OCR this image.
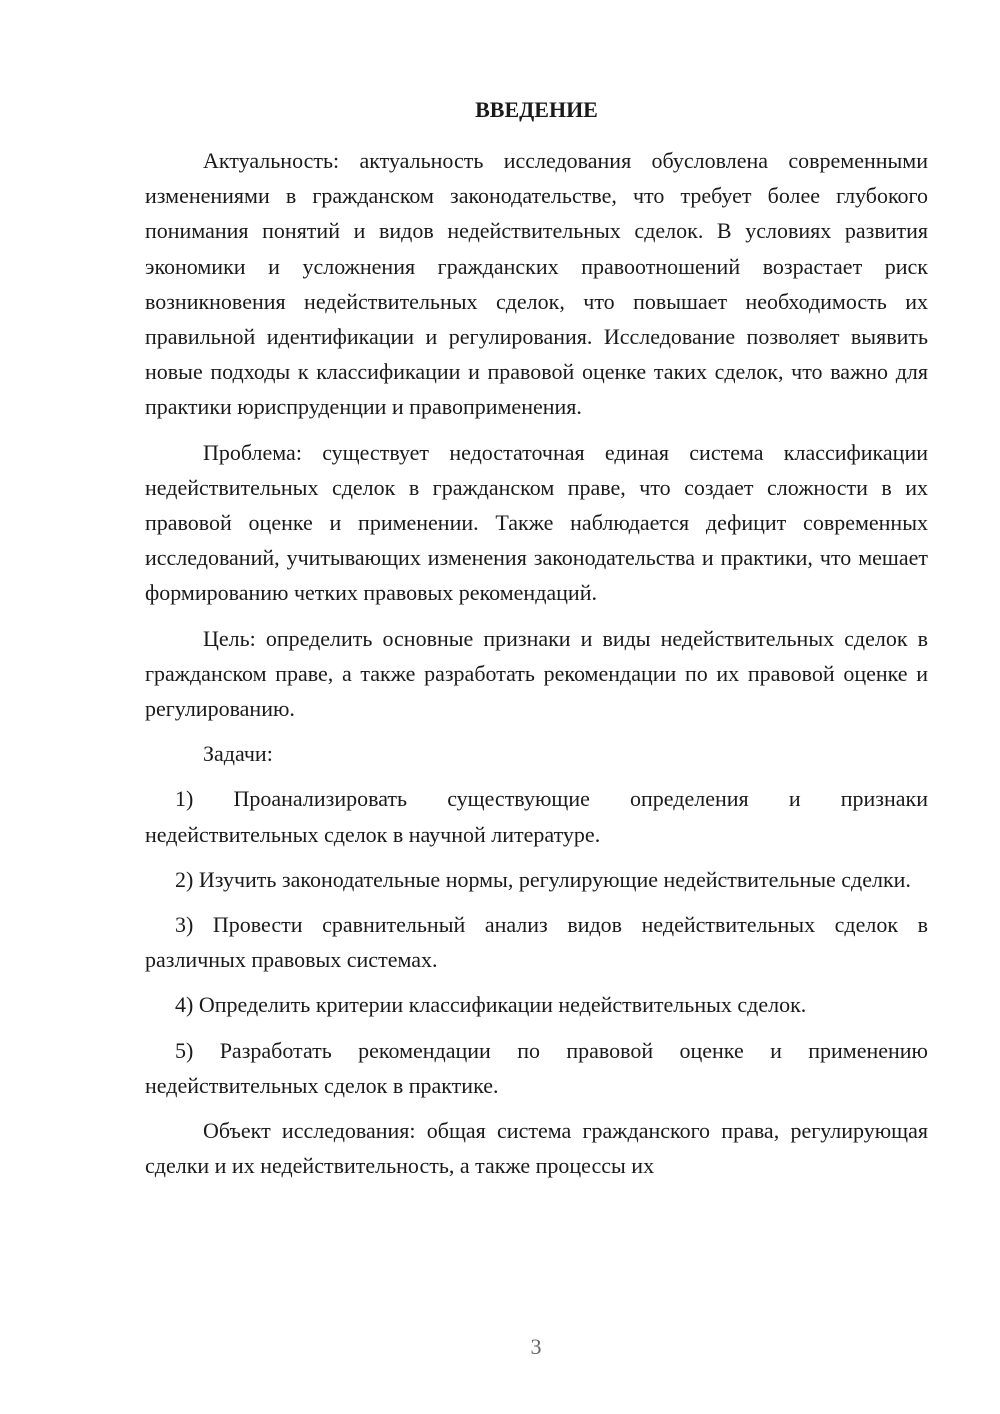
ВВЕДЕНИЕ

Актуальность: актуальность исследования обусловлена современными изменениями в гражданском законодательстве, что требует более глубокого понимания понятий и видов недействительных сделок. В условиях развития экономики и усложнения гражданских правоотношений возрастает риск возникновения недействительных сделок, что повышает необходимость их правильной идентификации и регулирования. Исследование позволяет выявить новые подходы к классификации и правовой оценке таких сделок, что важно для практики юриспруденции и правоприменения.

Проблема: существует недостаточная единая система классификации недействительных сделок в гражданском праве, что создает сложности в их правовой оценке и применении. Также наблюдается дефицит современных исследований, учитывающих изменения законодательства и практики, что мешает формированию четких правовых рекомендаций.

Цель: определить основные признаки и виды недействительных сделок в гражданском праве, а также разработать рекомендации по их правовой оценке и регулированию.

Задачи:

1) Проанализировать существующие определения и признаки недействительных сделок в научной литературе.

2) Изучить законодательные нормы, регулирующие недействительные сделки.

3) Провести сравнительный анализ видов недействительных сделок в различных правовых системах.

4) Определить критерии классификации недействительных сделок.

5) Разработать рекомендации по правовой оценке и применению недействительных сделок в практике.

Объект исследования: общая система гражданского права, регулирующая сделки и их недействительность, а также процессы их

3
